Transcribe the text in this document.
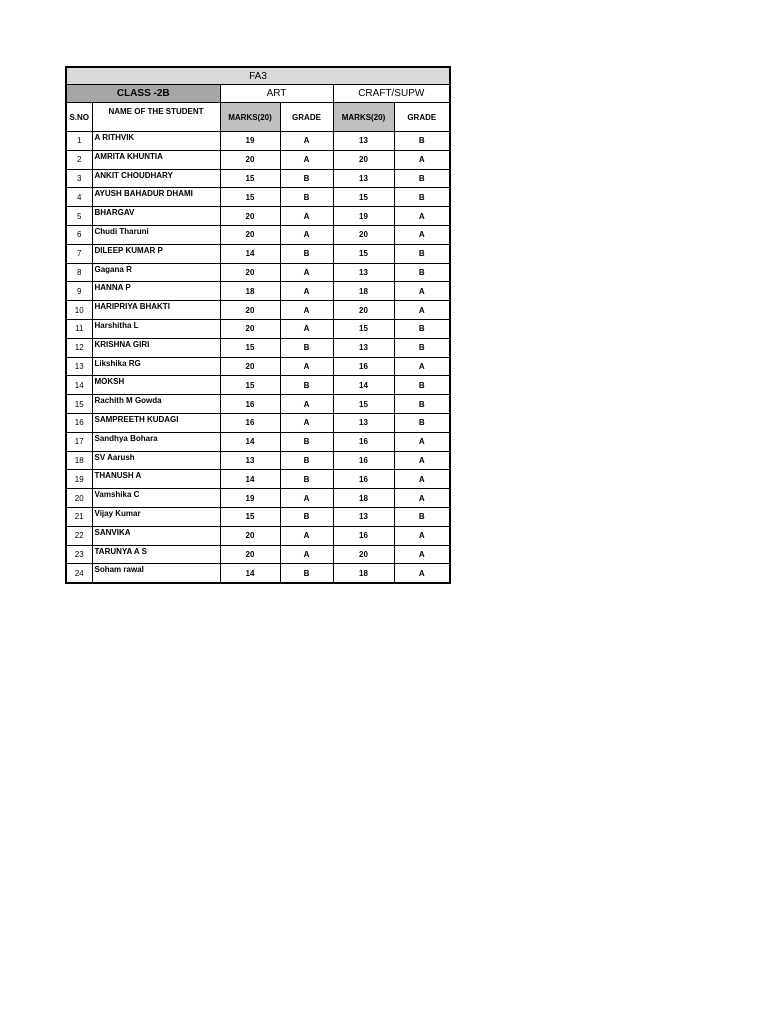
FA3					
CLASS -2B		ART		CRAFT/SUPW	
S.NO	NAME OF THE STUDENT	MARKS(20)	GRADE	MARKS(20)	GRADE
1	A RITHVIK	19	A	13	B
2	AMRITA KHUNTIA	20	A	20	A
3	ANKIT CHOUDHARY	15	B	13	B
4	AYUSH BAHADUR DHAMI	15	B	15	B
5	BHARGAV	20	A	19	A
6	Chudi Tharuni	20	A	20	A
7	DILEEP KUMAR P	14	B	15	B
8	Gagana R	20	A	13	B
9	HANNA P	18	A	18	A
10	HARIPRIYA BHAKTI	20	A	20	A
11	Harshitha L	20	A	15	B
12	KRISHNA GIRI	15	B	13	B
13	Likshika RG	20	A	16	A
14	MOKSH	15	B	14	B
15	Rachith M Gowda	16	A	15	B
16	SAMPREETH KUDAGI	16	A	13	B
17	Sandhya Bohara	14	B	16	A
18	SV Aarush	13	B	16	A
19	THANUSH A	14	B	16	A
20	Vamshika C	19	A	18	A
21	Vijay Kumar	15	B	13	B
22	SANVIKA	20	A	16	A
23	TARUNYA A S	20	A	20	A
24	Soham rawal	14	B	18	A
